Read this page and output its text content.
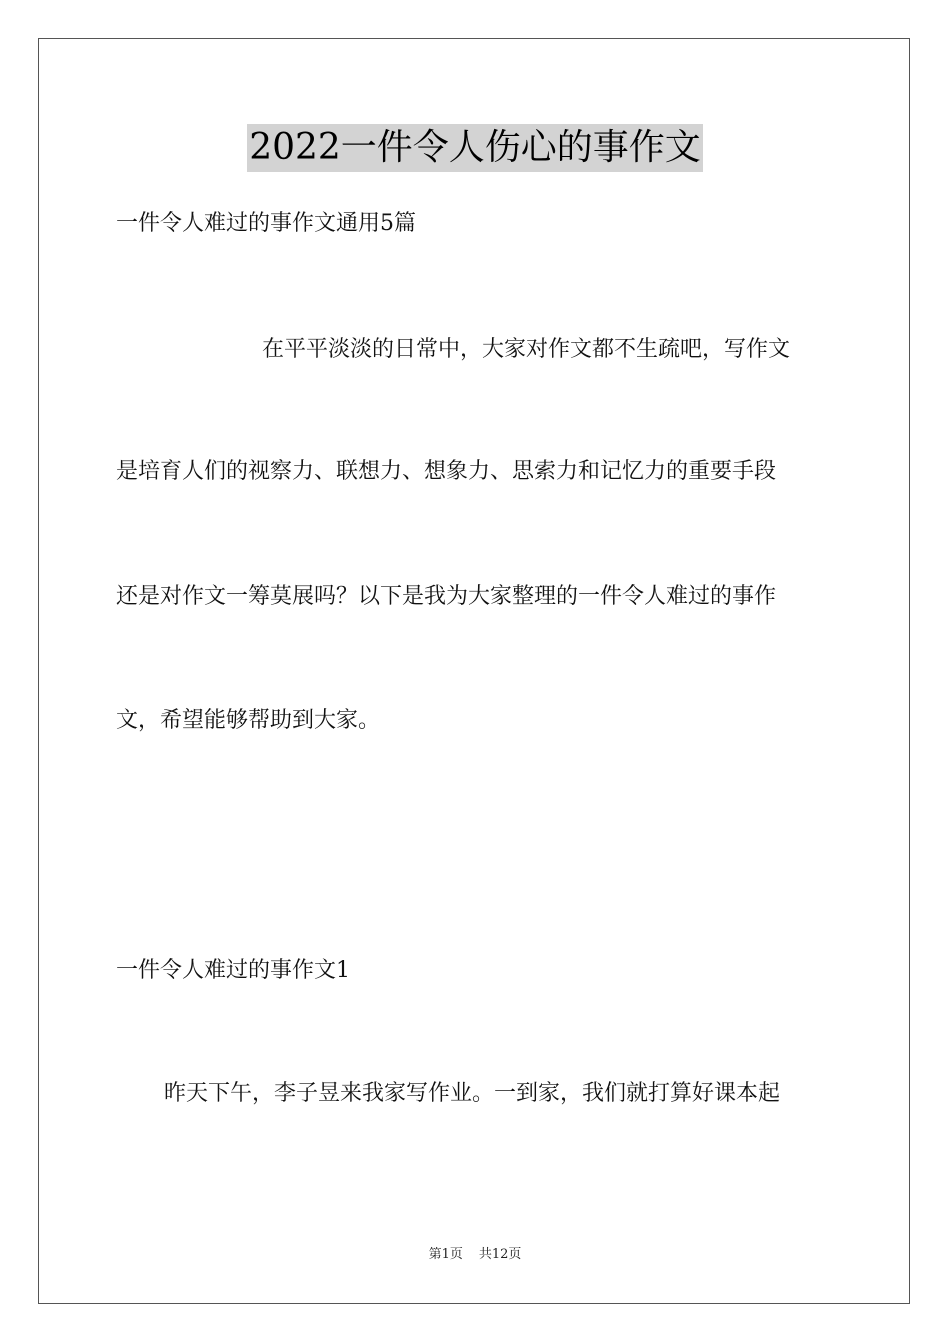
2022一件令人伤心的事作文
一件令人难过的事作文通用5篇
在平平淡淡的日常中，大家对作文都不生疏吧，写作文
是培育人们的视察力、联想力、想象力、思索力和记忆力的重要手段
还是对作文一筹莫展吗？以下是我为大家整理的一件令人难过的事作
文，希望能够帮助到大家。
一件令人难过的事作文1
昨天下午，李子昱来我家写作业。一到家，我们就打算好课本起
第1页 共12页
